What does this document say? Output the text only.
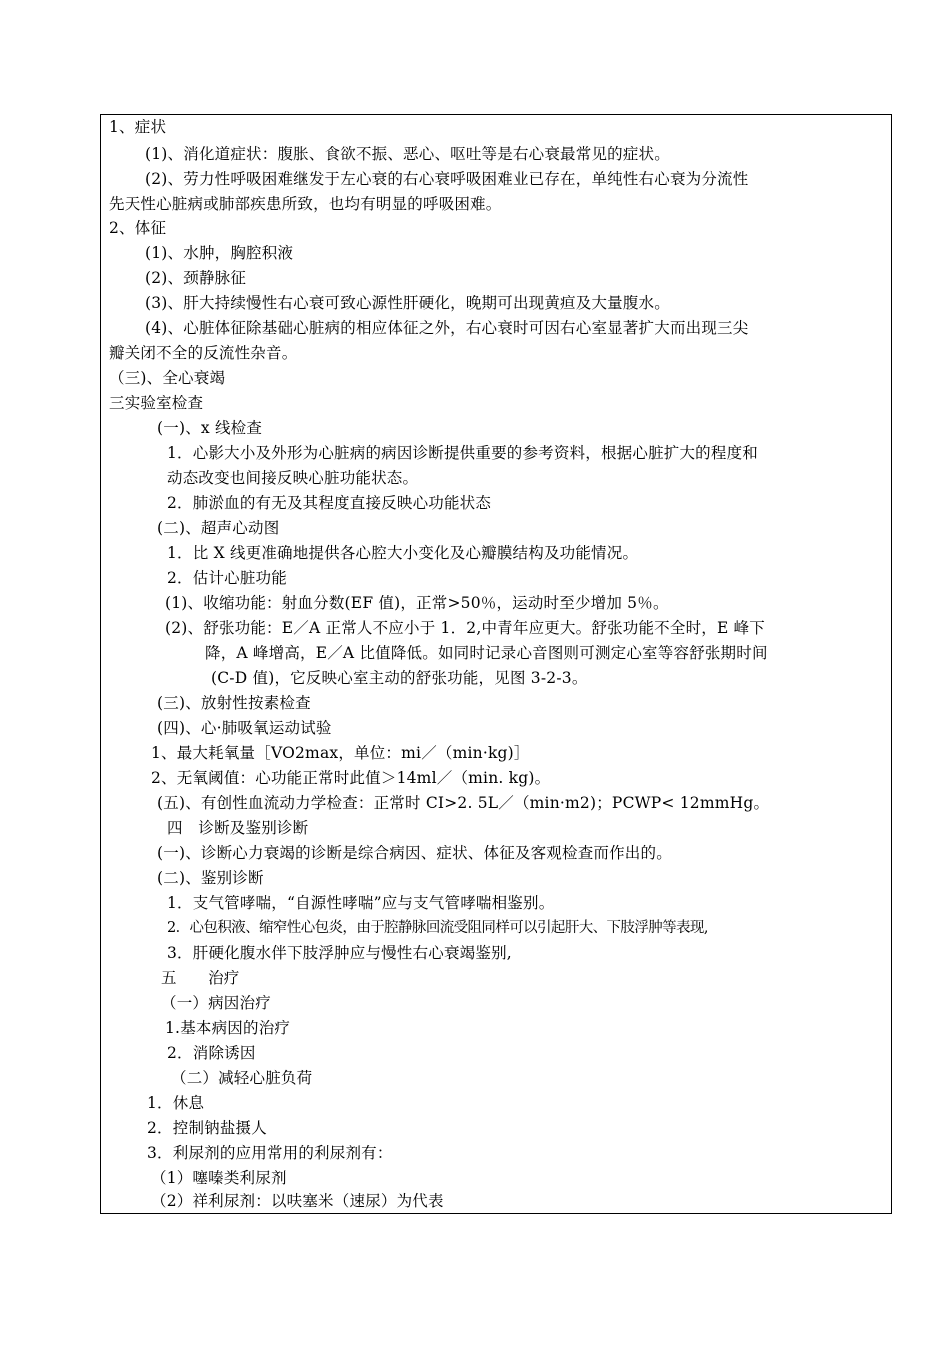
1、症状
(1)、消化道症状：腹胀、食欲不振、恶心、呕吐等是右心衰最常见的症状。
(2)、劳力性呼吸困难继发于左心衰的右心衰呼吸困难业已存在，单纯性右心衰为分流性
先天性心脏病或肺部疾患所致，也均有明显的呼吸困难。
2、体征
(1)、水肿，胸腔积液
(2)、颈静脉征
(3)、肝大持续慢性右心衰可致心源性肝硬化，晚期可出现黄疸及大量腹水。
(4)、心脏体征除基础心脏病的相应体征之外，右心衰时可因右心室显著扩大而出现三尖
瓣关闭不全的反流性杂音。
（三)、全心衰竭
三实验室检查
(一)、x 线检查
1．心影大小及外形为心脏病的病因诊断提供重要的参考资料，根据心脏扩大的程度和
动态改变也间接反映心脏功能状态。
2．肺淤血的有无及其程度直接反映心功能状态
(二)、超声心动图
1．比 X 线更准确地提供各心腔大小变化及心瓣膜结构及功能情况。
2．估计心脏功能
(1)、收缩功能：射血分数(EF 值)，正常>50％，运动时至少增加 5％。
(2)、舒张功能：E／A 正常人不应小于 1．2,中青年应更大。舒张功能不全时，E 峰下
降，A 峰增高，E／A 比值降低。如同时记录心音图则可测定心室等容舒张期时间
(C-D 值)，它反映心室主动的舒张功能，见图 3-2-3。
(三)、放射性按素检查
(四)、心·肺吸氧运动试验
1、最大耗氧量［VO2max，单位：mi／（min·kg)］
2、无氧阈值：心功能正常时此值＞14ml／（min. kg)。
(五)、有创性血流动力学检查：正常时 CI>2. 5L／（min·m2)；PCWP< 12mmHg。
四　诊断及鉴别诊断
(一)、诊断心力衰竭的诊断是综合病因、症状、体征及客观检查而作出的。
(二)、鉴别诊断
1．支气管哮喘，“自源性哮喘”应与支气管哮喘相鉴别。
2．心包积液、缩窄性心包炎，由于腔静脉回流受阻同样可以引起肝大、下肢浮肿等表现,
3．肝硬化腹水伴下肢浮肿应与慢性右心衰竭鉴别,
五　　治疗
（一）病因治疗
1.基本病因的治疗
2．消除诱因
（二）减轻心脏负荷
1．休息
2．控制钠盐摄人
3．利尿剂的应用常用的利尿剂有：
（1）噻嗪类利尿剂
（2）祥利尿剂：以呋塞米（速尿）为代表
